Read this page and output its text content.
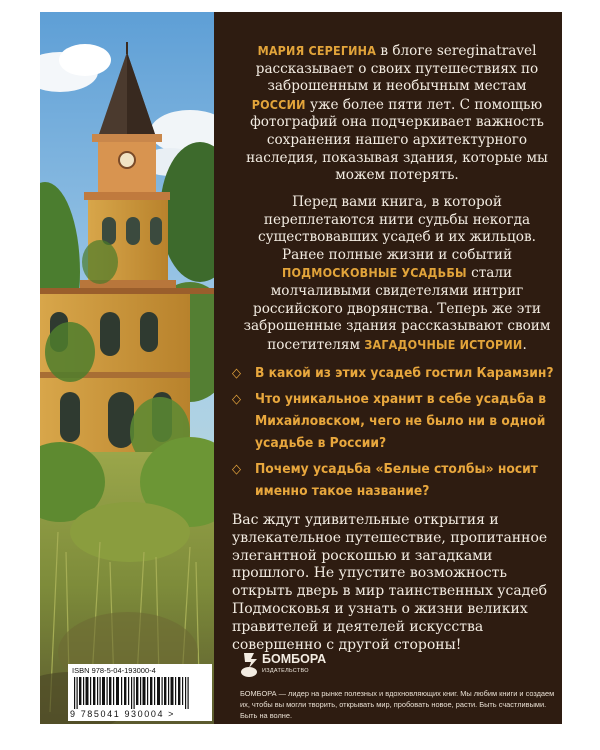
МАРИЯ СЕРЕГИНА в блоге sereginatravel рассказывает о своих путешествиях по заброшенным и необычным местам РОССИИ уже более пяти лет. С помощью фотографий она подчеркивает важность сохранения нашего архитектурного наследия, показывая здания, которые мы можем потерять.

Перед вами книга, в которой переплетаются нити судьбы некогда существовавших усадеб и их жильцов. Ранее полные жизни и событий ПОДМОСКОВНЫЕ УСАДЬБЫ стали молчаливыми свидетелями интриг российского дворянства. Теперь же эти заброшенные здания рассказывают своим посетителям ЗАГАДОЧНЫЕ ИСТОРИИ.

◇ В какой из этих усадеб гостил Карамзин?
◇ Что уникальное хранит в себе усадьба в Михайловском, чего не было ни в одной усадьбе в России?
◇ Почему усадьба «Белые столбы» носит именно такое название?

Вас ждут удивительные открытия и увлекательное путешествие, пропитанное элегантной роскошью и загадками прошлого. Не упустите возможность открыть дверь в мир таинственных усадеб Подмосковья и узнать о жизни великих правителей и деятелей искусства совершенно с другой стороны!

БОМБОРА
ИЗДАТЕЛЬСТВО

БОМБОРА — лидер на рынке полезных и вдохновляющих книг. Мы любим книги и создаем их, чтобы вы могли творить, открывать мир, пробовать новое, расти. Быть счастливыми. Быть на волне.

ISBN 978-5-04-193000-4
9 785041 930004 >
